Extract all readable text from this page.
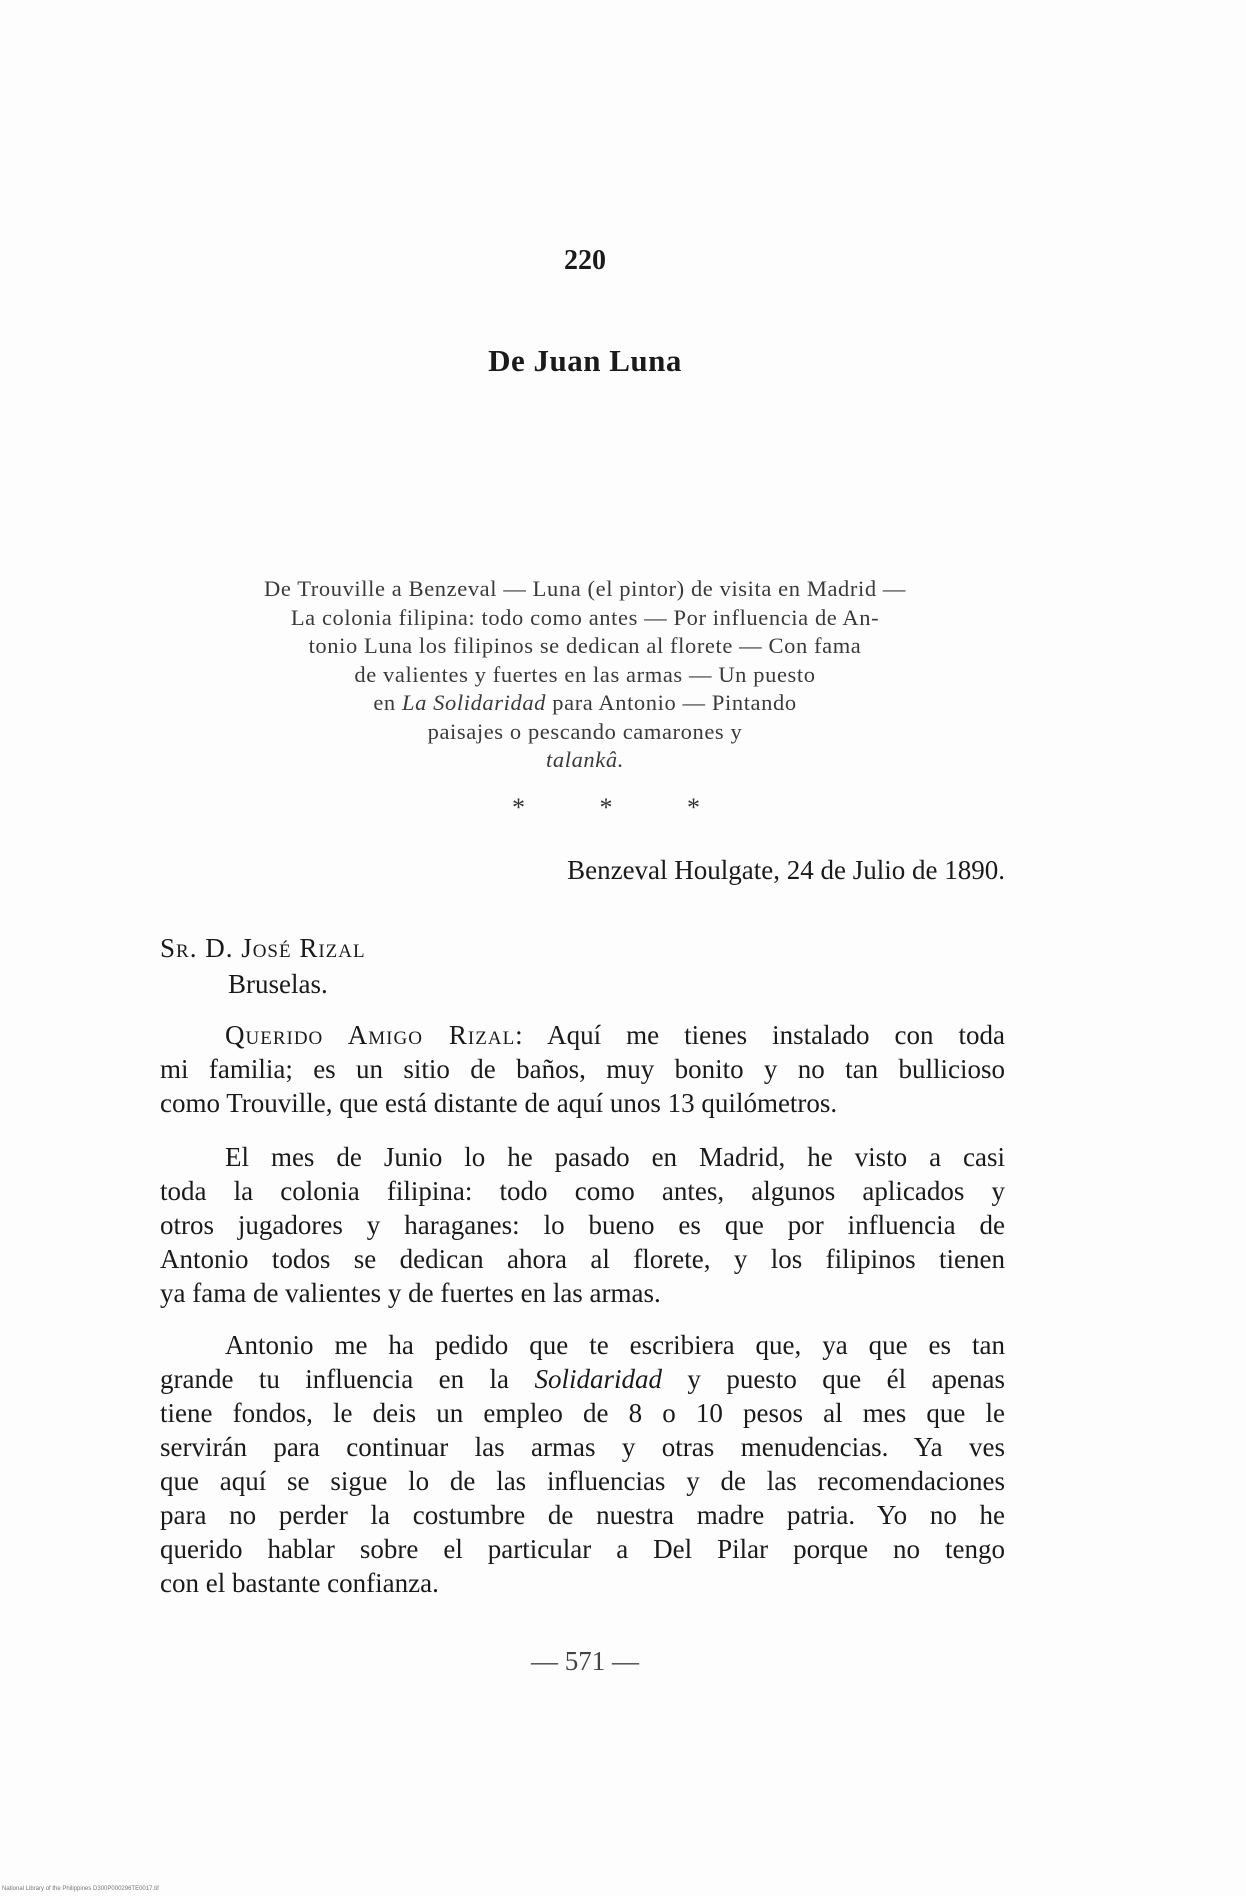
220
De Juan Luna
De Trouville a Benzeval — Luna (el pintor) de visita en Madrid —
La colonia filipina: todo como antes — Por influencia de An-
tonio Luna los filipinos se dedican al florete — Con fama
de valientes y fuertes en las armas — Un puesto
en La Solidaridad para Antonio — Pintando
paisajes o pescando camarones y
talankâ.
* * *
Benzeval Houlgate, 24 de Julio de 1890.
Sr. D. José Rizal
Bruselas.
Querido Amigo Rizal: Aquí me tienes instalado con toda
mi familia; es un sitio de baños, muy bonito y no tan bullicioso
como Trouville, que está distante de aquí unos 13 quilómetros.
El mes de Junio lo he pasado en Madrid, he visto a casi
toda la colonia filipina: todo como antes, algunos aplicados y
otros jugadores y haraganes: lo bueno es que por influencia de
Antonio todos se dedican ahora al florete, y los filipinos tienen
ya fama de valientes y de fuertes en las armas.
Antonio me ha pedido que te escribiera que, ya que es tan
grande tu influencia en la Solidaridad y puesto que él apenas
tiene fondos, le deis un empleo de 8 o 10 pesos al mes que le
servirán para continuar las armas y otras menudencias. Ya ves
que aquí se sigue lo de las influencias y de las recomendaciones
para no perder la costumbre de nuestra madre patria. Yo no he
querido hablar sobre el particular a Del Pilar porque no tengo
con el bastante confianza.
— 571 —
National Library of the Philippines D300P000296TE0017.tif
